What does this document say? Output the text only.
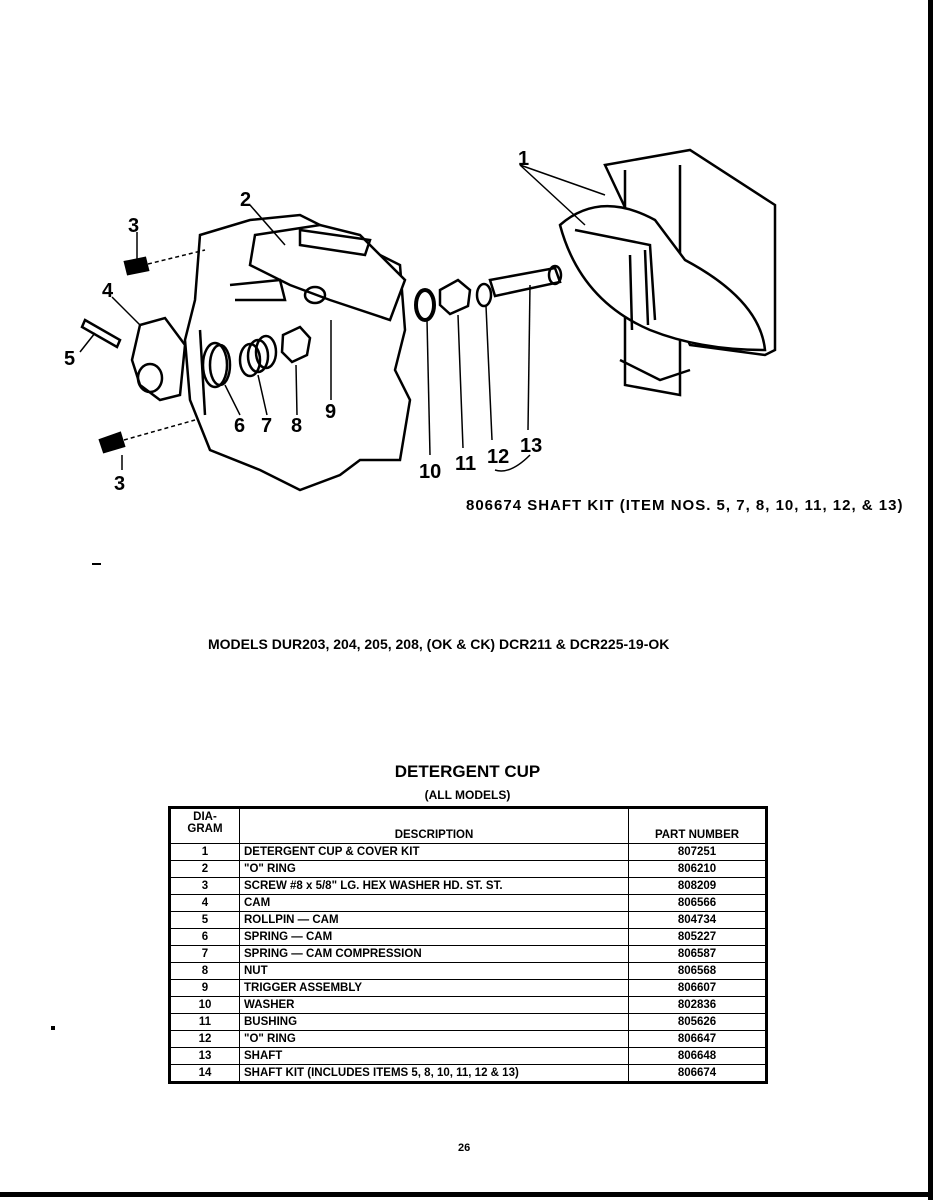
1
2
3
4
5
6 7 8
9
10 11 12 13
3
806674 SHAFT KIT (ITEM NOS. 5, 7, 8, 10, 11, 12, & 13)
MODELS DUR203, 204, 205, 208, (OK & CK) DCR211 & DCR225-19-OK
DETERGENT CUP
(ALL MODELS)
DIA-
GRAM	DESCRIPTION	PART NUMBER
1	DETERGENT CUP & COVER KIT	807251
2	"O" RING	806210
3	SCREW #8 x 5/8" LG. HEX WASHER HD. ST. ST.	808209
4	CAM	806566
5	ROLLPIN — CAM	804734
6	SPRING — CAM	805227
7	SPRING — CAM COMPRESSION	806587
8	NUT	806568
9	TRIGGER ASSEMBLY	806607
10	WASHER	802836
11	BUSHING	805626
12	"O" RING	806647
13	SHAFT	806648
14	SHAFT KIT (INCLUDES ITEMS 5, 8, 10, 11, 12 & 13)	806674
26
